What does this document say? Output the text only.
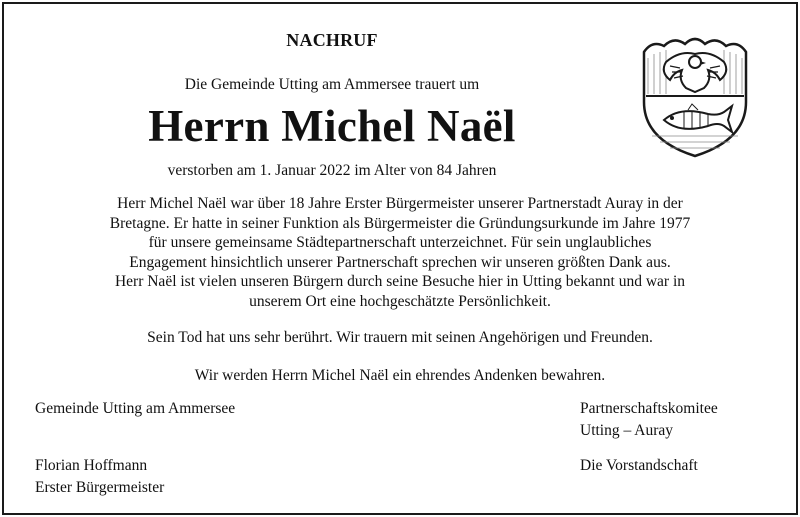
NACHRUF
Die Gemeinde Utting am Ammersee trauert um
Herrn Michel Naël
verstorben am 1. Januar 2022 im Alter von 84 Jahren
Herr Michel Naël war über 18 Jahre Erster Bürgermeister unserer Partnerstadt Auray in der
Bretagne. Er hatte in seiner Funktion als Bürgermeister die Gründungsurkunde im Jahre 1977
für unsere gemeinsame Städtepartnerschaft unterzeichnet. Für sein unglaubliches
Engagement hinsichtlich unserer Partnerschaft sprechen wir unseren größten Dank aus.
Herr Naël ist vielen unseren Bürgern durch seine Besuche hier in Utting bekannt und war in
unserem Ort eine hochgeschätzte Persönlichkeit.
Sein Tod hat uns sehr berührt. Wir trauern mit seinen Angehörigen und Freunden.
Wir werden Herrn Michel Naël ein ehrendes Andenken bewahren.
Gemeinde Utting am Ammersee
Florian Hoffmann
Erster Bürgermeister
Partnerschaftskomitee
Utting – Auray
Die Vorstandschaft
